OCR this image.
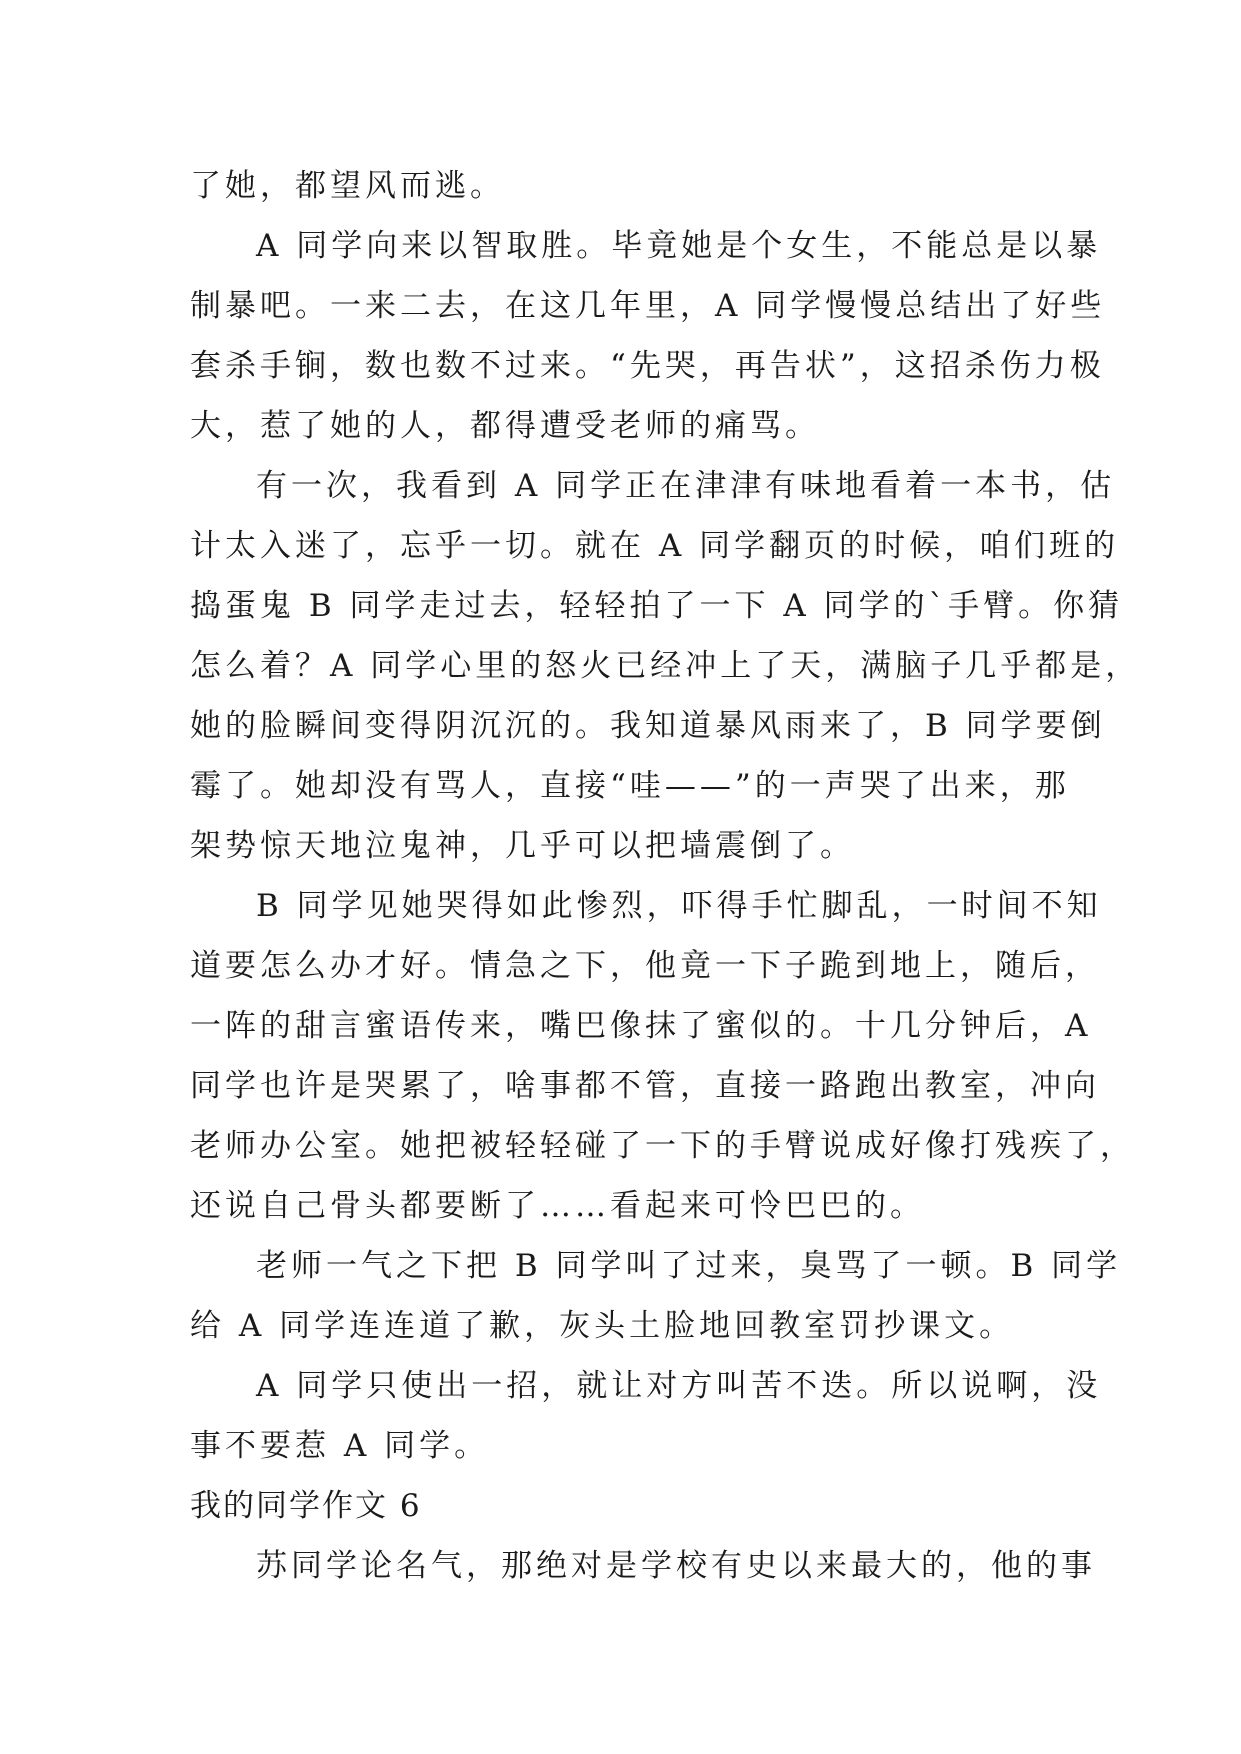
了她，都望风而逃。
A 同学向来以智取胜。毕竟她是个女生，不能总是以暴
制暴吧。一来二去，在这几年里，A 同学慢慢总结出了好些
套杀手锏，数也数不过来。“先哭，再告状”，这招杀伤力极
大，惹了她的人，都得遭受老师的痛骂。
有一次，我看到 A 同学正在津津有味地看着一本书，估
计太入迷了，忘乎一切。就在 A 同学翻页的时候，咱们班的
捣蛋鬼 B 同学走过去，轻轻拍了一下 A 同学的`手臂。你猜
怎么着？A 同学心里的怒火已经冲上了天，满脑子几乎都是，
她的脸瞬间变得阴沉沉的。我知道暴风雨来了，B 同学要倒
霉了。她却没有骂人，直接“哇——”的一声哭了出来，那
架势惊天地泣鬼神，几乎可以把墙震倒了。
B 同学见她哭得如此惨烈，吓得手忙脚乱，一时间不知
道要怎么办才好。情急之下，他竟一下子跪到地上，随后，
一阵的甜言蜜语传来，嘴巴像抹了蜜似的。十几分钟后，A
同学也许是哭累了，啥事都不管，直接一路跑出教室，冲向
老师办公室。她把被轻轻碰了一下的手臂说成好像打残疾了，
还说自己骨头都要断了……看起来可怜巴巴的。
老师一气之下把 B 同学叫了过来，臭骂了一顿。B 同学
给 A 同学连连道了歉，灰头土脸地回教室罚抄课文。
A 同学只使出一招，就让对方叫苦不迭。所以说啊，没
事不要惹 A 同学。
我的同学作文 6
苏同学论名气，那绝对是学校有史以来最大的，他的事
